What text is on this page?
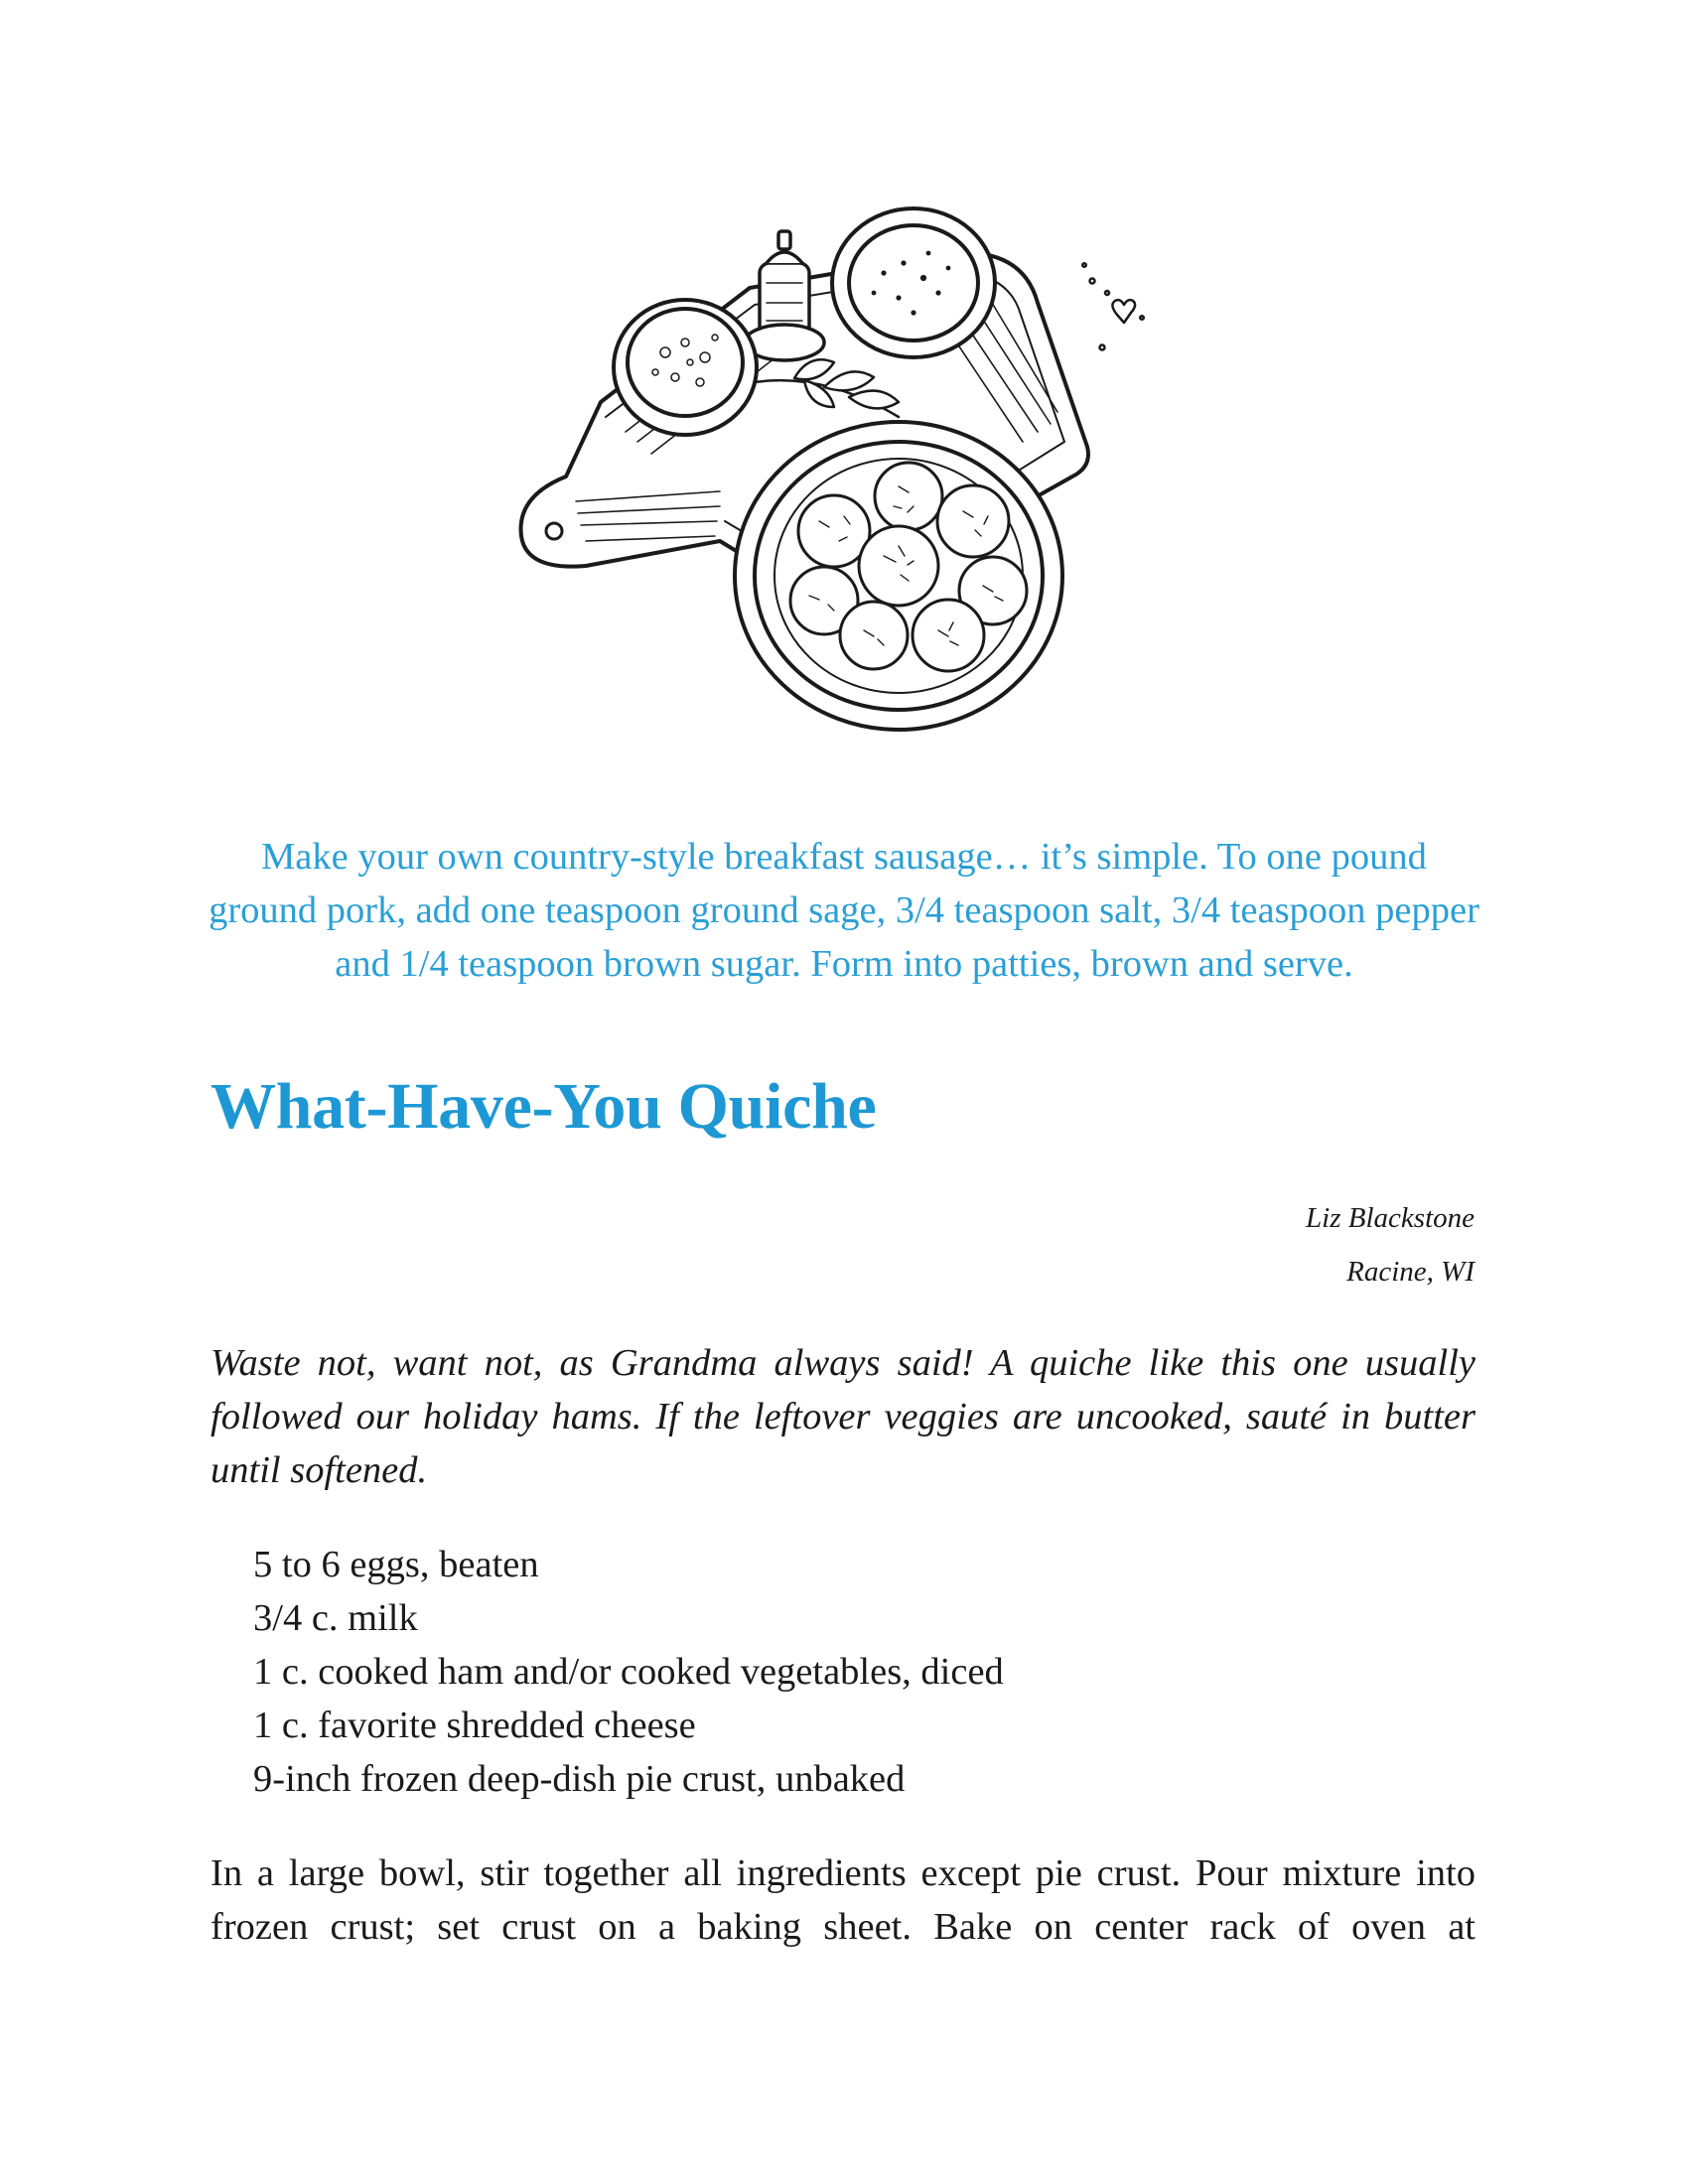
Make your own country-style breakfast sausage… it’s simple. To one pound ground pork, add one teaspoon ground sage, 3/4 teaspoon salt, 3/4 teaspoon pepper and 1/4 teaspoon brown sugar. Form into patties, brown and serve.

What-Have-You Quiche
Liz Blackstone
Racine, WI

Waste not, want not, as Grandma always said! A quiche like this one usually followed our holiday hams. If the leftover veggies are uncooked, sauté in butter until softened.

5 to 6 eggs, beaten
3/4 c. milk
1 c. cooked ham and/or cooked vegetables, diced
1 c. favorite shredded cheese
9-inch frozen deep-dish pie crust, unbaked

In a large bowl, stir together all ingredients except pie crust. Pour mixture into frozen crust; set crust on a baking sheet. Bake on center rack of oven at
